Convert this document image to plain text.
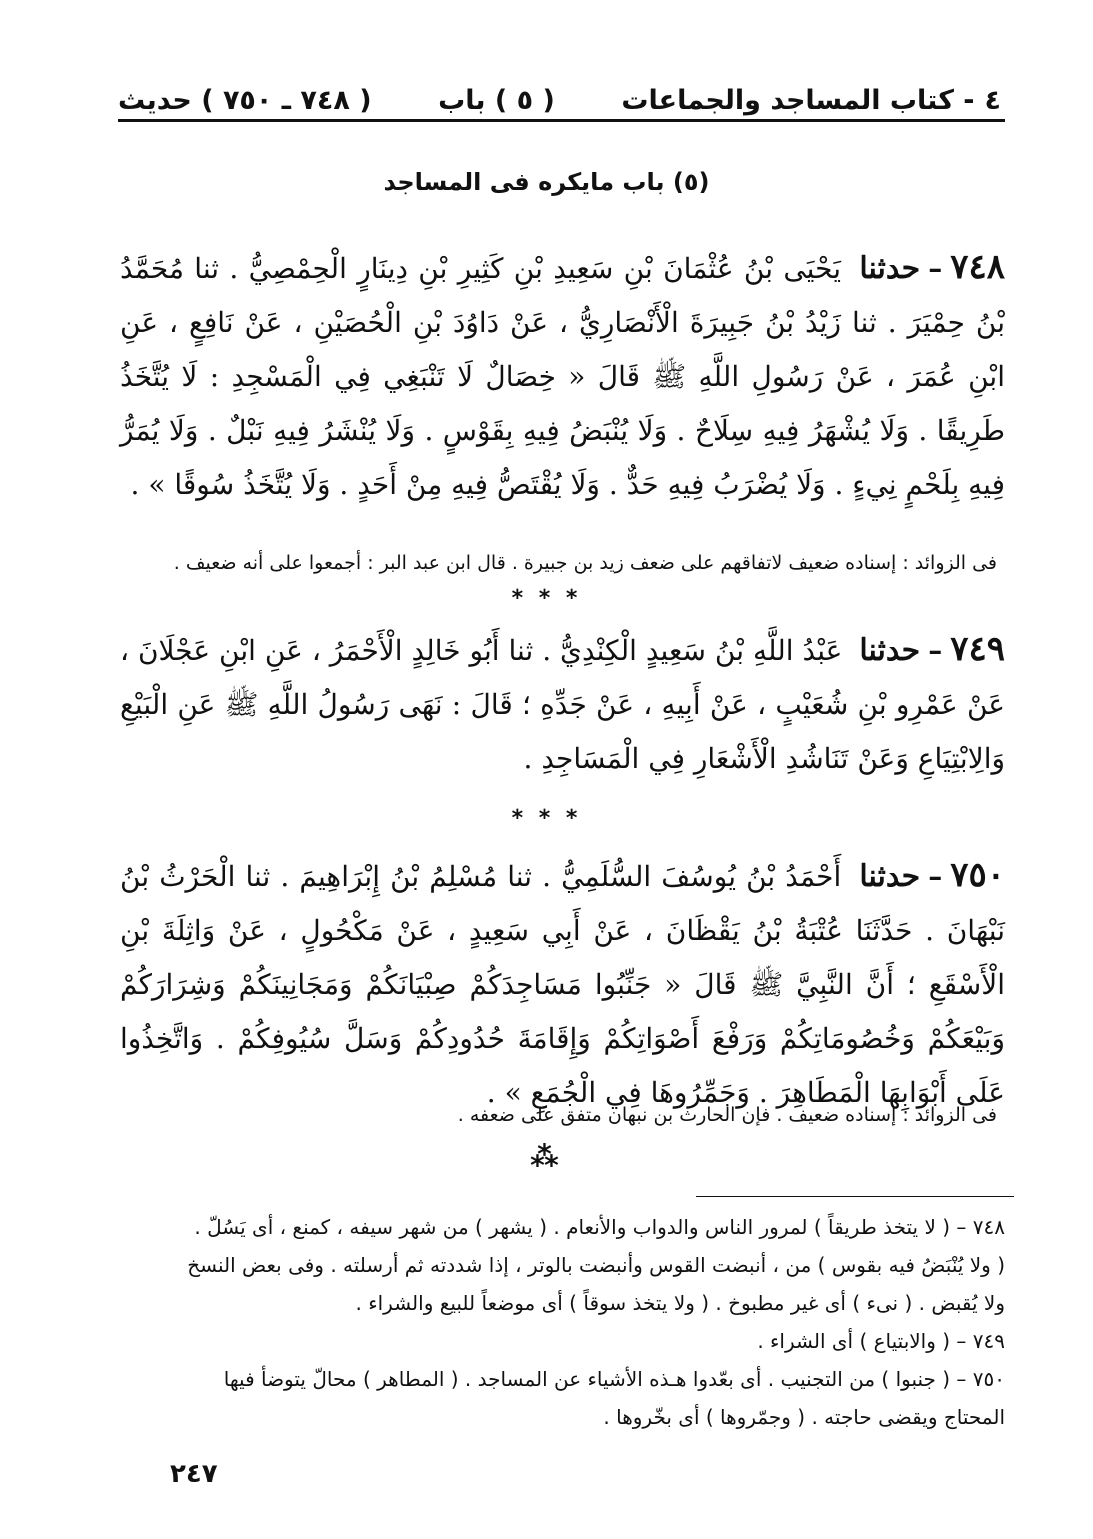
٤
- كتاب المساجد والجماعات
( ٥ ) باب
( ٧٤٨ ـ ٧٥٠ ) حديث
(٥) باب مايكره فى المساجد
٧٤٨–حدثنا يَحْيَى بْنُ عُثْمَانَ بْنِ سَعِيدِ بْنِ كَثِيرِ بْنِ دِينَارٍ الْحِمْصِيُّ . ثنا مُحَمَّدُ بْنُ حِمْيَرَ . ثنا زَيْدُ بْنُ جَبِيرَةَ الْأَنْصَارِيُّ ، عَنْ دَاوُدَ بْنِ الْحُصَيْنِ ، عَنْ نَافِعٍ ، عَنِ ابْنِ عُمَرَ ، عَنْ رَسُولِ اللَّهِ ﷺ قَالَ « خِصَالٌ لَا تَنْبَغِي فِي الْمَسْجِدِ : لَا يُتَّخَذُ طَرِيقًا . وَلَا يُشْهَرُ فِيهِ سِلَاحٌ . وَلَا يُنْبَضُ فِيهِ بِقَوْسٍ . وَلَا يُنْشَرُ فِيهِ نَبْلٌ . وَلَا يُمَرُّ فِيهِ بِلَحْمٍ نِيءٍ . وَلَا يُضْرَبُ فِيهِ حَدٌّ . وَلَا يُقْتَصُّ فِيهِ مِنْ أَحَدٍ . وَلَا يُتَّخَذُ سُوقًا » .
فى الزوائد : إسناده ضعيف لاتفاقهم على ضعف زيد بن جبيرة . قال ابن عبد البر : أجمعوا على أنه ضعيف .
* * *
٧٤٩–حدثنا عَبْدُ اللَّهِ بْنُ سَعِيدٍ الْكِنْدِيُّ . ثنا أَبُو خَالِدٍ الْأَحْمَرُ ، عَنِ ابْنِ عَجْلَانَ ، عَنْ عَمْرِو بْنِ شُعَيْبٍ ، عَنْ أَبِيهِ ، عَنْ جَدِّهِ ؛ قَالَ : نَهَى رَسُولُ اللَّهِ ﷺ عَنِ الْبَيْعِ وَالِابْتِيَاعِ وَعَنْ تَنَاشُدِ الْأَشْعَارِ فِي الْمَسَاجِدِ .
* * *
٧٥٠–حدثنا أَحْمَدُ بْنُ يُوسُفَ السُّلَمِيُّ . ثنا مُسْلِمُ بْنُ إِبْرَاهِيمَ . ثنا الْحَرْثُ بْنُ نَبْهَانَ . حَدَّثَنَا عُتْبَةُ بْنُ يَقْظَانَ ، عَنْ أَبِي سَعِيدٍ ، عَنْ مَكْحُولٍ ، عَنْ وَاثِلَةَ بْنِ الْأَسْقَعِ ؛ أَنَّ النَّبِيَّ ﷺ قَالَ « جَنِّبُوا مَسَاجِدَكُمْ صِبْيَانَكُمْ وَمَجَانِينَكُمْ وَشِرَارَكُمْ وَبَيْعَكُمْ وَخُصُومَاتِكُمْ وَرَفْعَ أَصْوَاتِكُمْ وَإِقَامَةَ حُدُودِكُمْ وَسَلَّ سُيُوفِكُمْ . وَاتَّخِذُوا عَلَى أَبْوَابِهَا الْمَطَاهِرَ . وَجَمِّرُوهَا فِي الْجُمَعِ » .
فى الزوائد : إسناده ضعيف . فإن الحارث بن نبهان متفق على ضعفه .
⁂
٧٤٨ – ( لا يتخذ طريقاً ) لمرور الناس والدواب والأنعام . ( يشهر ) من شهر سيفه ، كمنع ، أى يَسُلّ .
( ولا يُنْبَضُ فيه بقوس ) من ، أنبضت القوس وأنبضت بالوتر ، إذا شددته ثم أرسلته . وفى بعض النسخ
ولا يُقبض . ( نىء ) أى غير مطبوخ . ( ولا يتخذ سوقاً ) أى موضعاً للبيع والشراء .
٧٤٩ – ( والابتياع ) أى الشراء .
٧٥٠ – ( جنبوا ) من التجنيب . أى بعّدوا هـذه الأشياء عن المساجد . ( المطاهر ) محالّ يتوضأ فيها
المحتاج ويقضى حاجته . ( وجمّروها ) أى بخّروها .
٢٤٧
